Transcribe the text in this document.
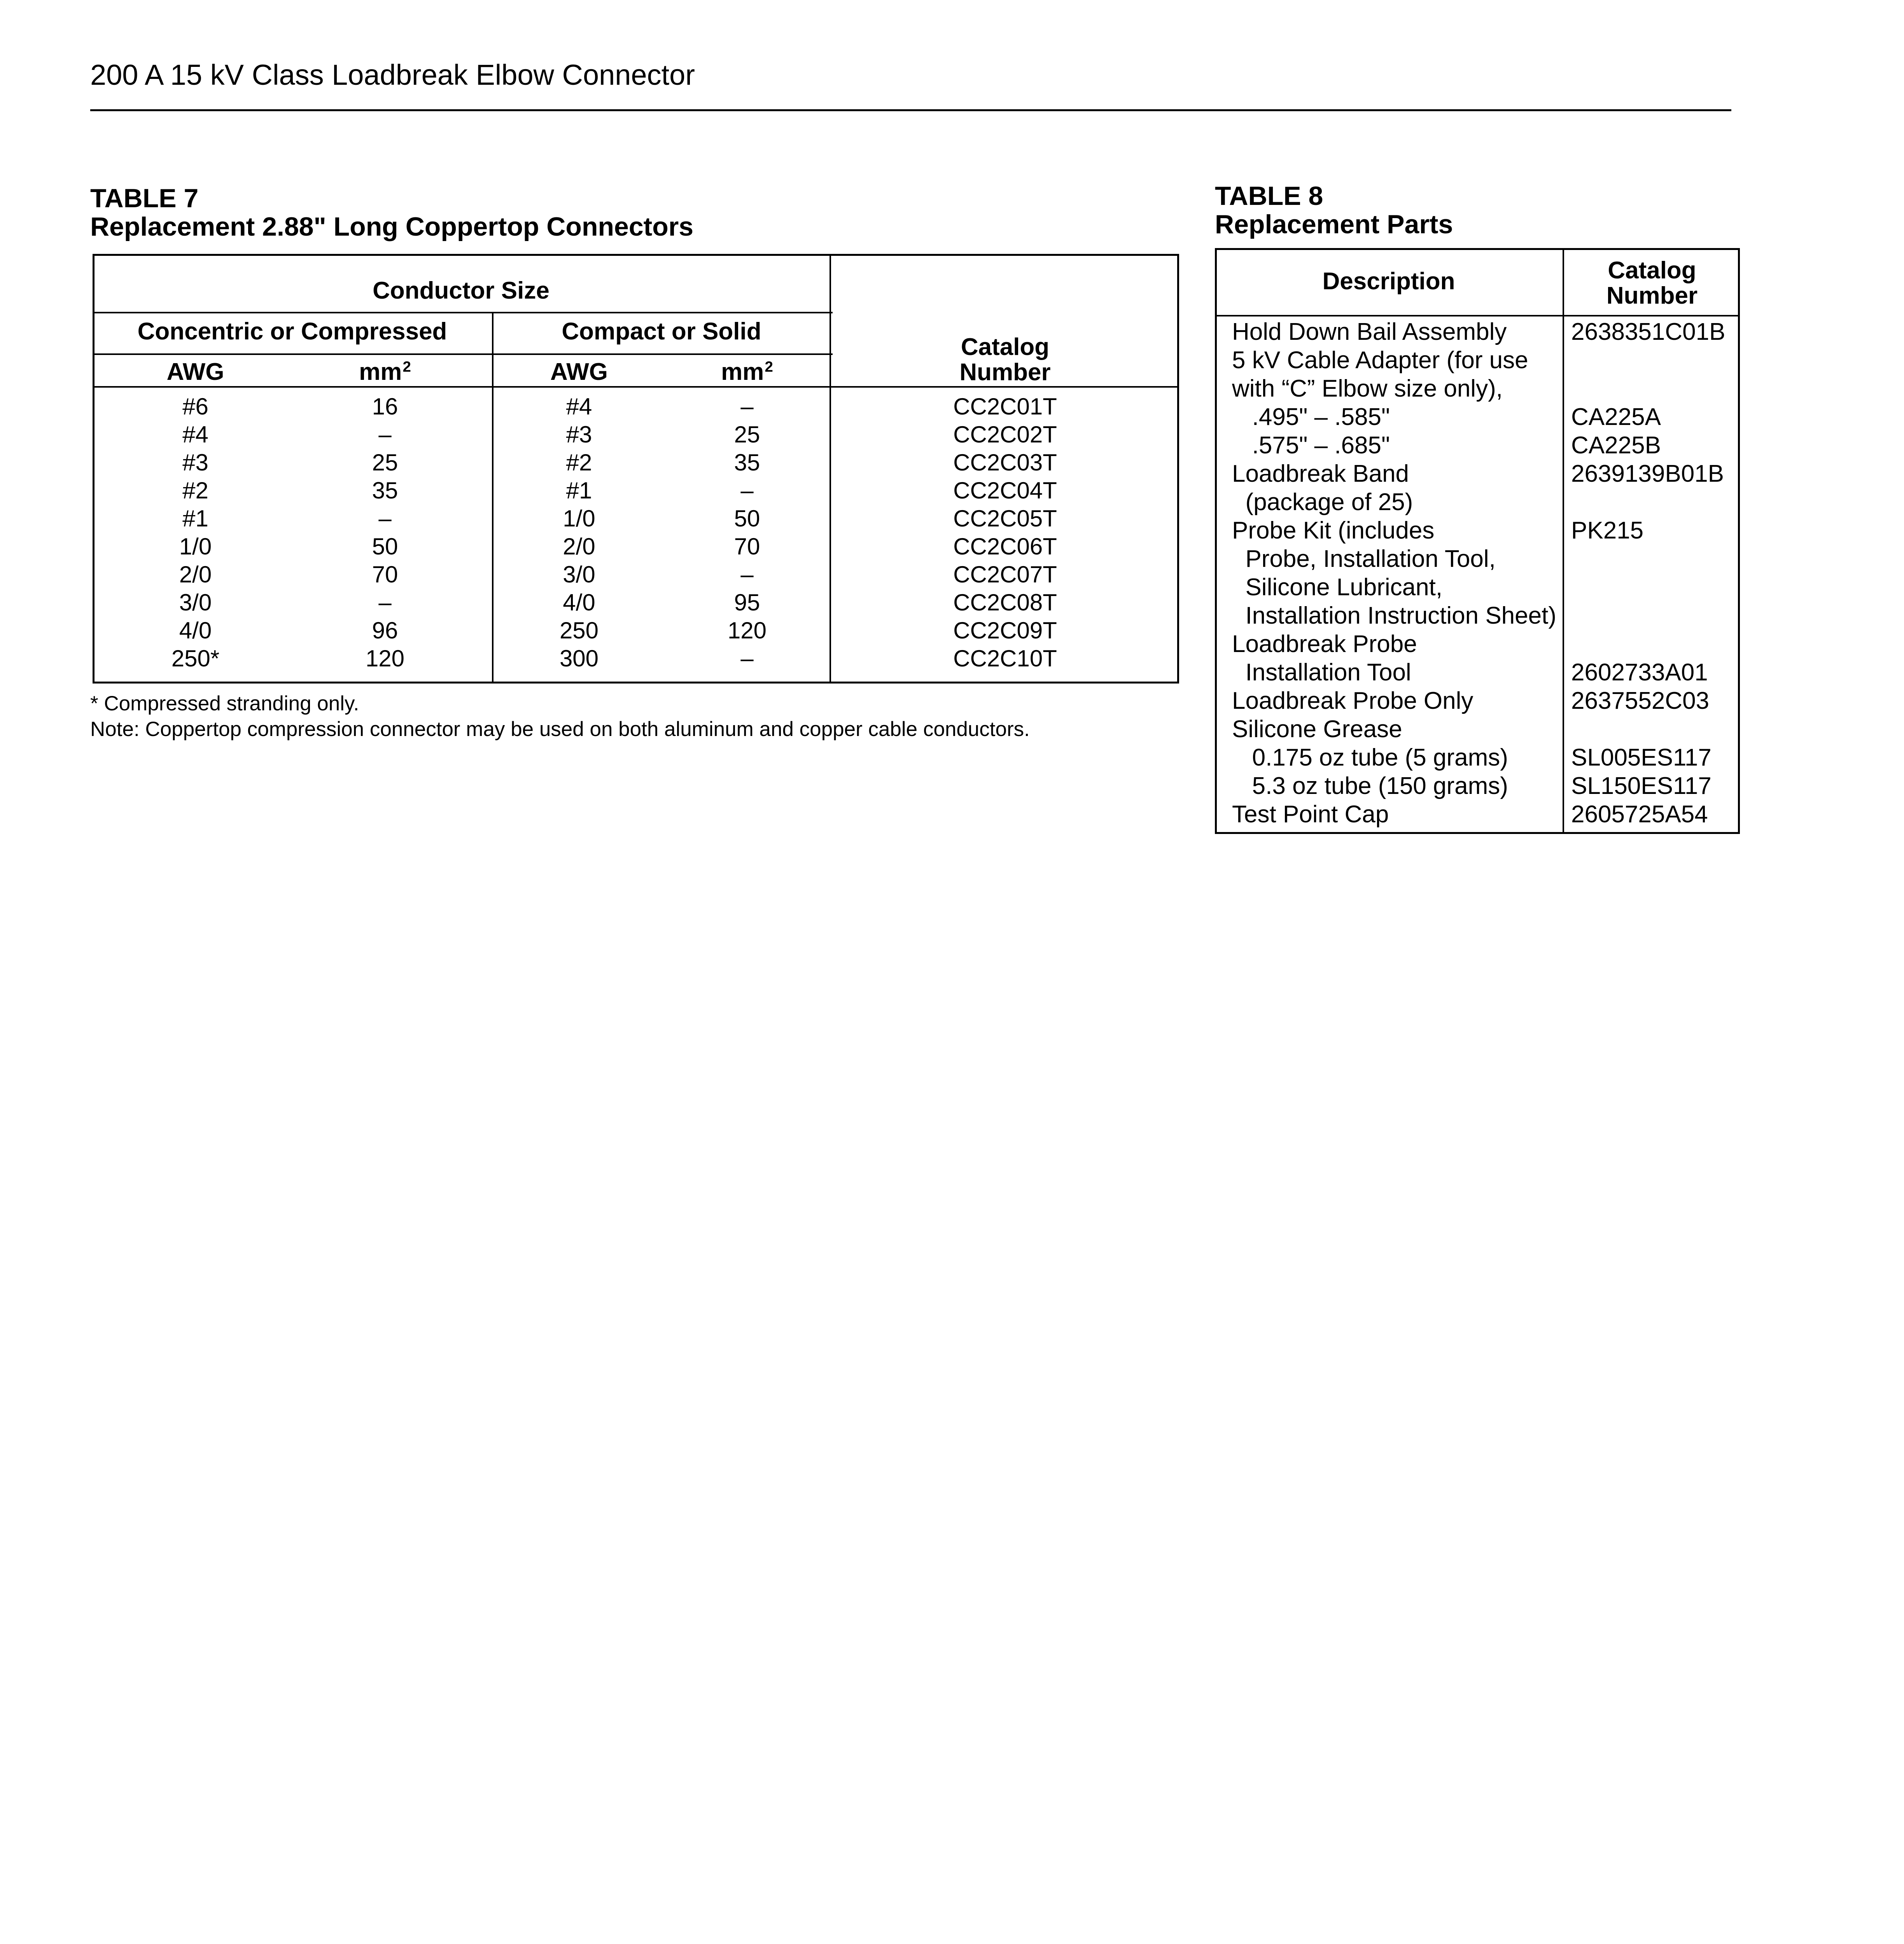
200 A 15 kV Class Loadbreak Elbow Connector
TABLE 7
Replacement 2.88" Long Coppertop Connectors
Conductor Size
Concentric or Compressed	Compact or Solid
AWG	$mm^2$	AWG	$mm^2$
Catalog
Number
#6	16	#4	–	CC2C01T
#4	–	#3	25	CC2C02T
#3	25	#2	35	CC2C03T
#2	35	#1	–	CC2C04T
#1	–	1/0	50	CC2C05T
1/0	50	2/0	70	CC2C06T
2/0	70	3/0	–	CC2C07T
3/0	–	4/0	95	CC2C08T
4/0	96	250	120	CC2C09T
250*	120	300	–	CC2C10T
* Compressed stranding only.
Note: Coppertop compression connector may be used on both aluminum and copper cable conductors.
TABLE 8
Replacement Parts
Description	Catalog
Number
Hold Down Bail Assembly	2638351C01B
5 kV Cable Adapter (for use
with “C” Elbow size only),
.495" – .585"	CA225A
.575" – .685"	CA225B
Loadbreak Band	2639139B01B
(package of 25)
Probe Kit (includes	PK215
Probe, Installation Tool,
Silicone Lubricant,
Installation Instruction Sheet)
Loadbreak Probe
Installation Tool	2602733A01
Loadbreak Probe Only	2637552C03
Silicone Grease
0.175 oz tube (5 grams)	SL005ES117
5.3 oz tube (150 grams)	SL150ES117
Test Point Cap	2605725A54
